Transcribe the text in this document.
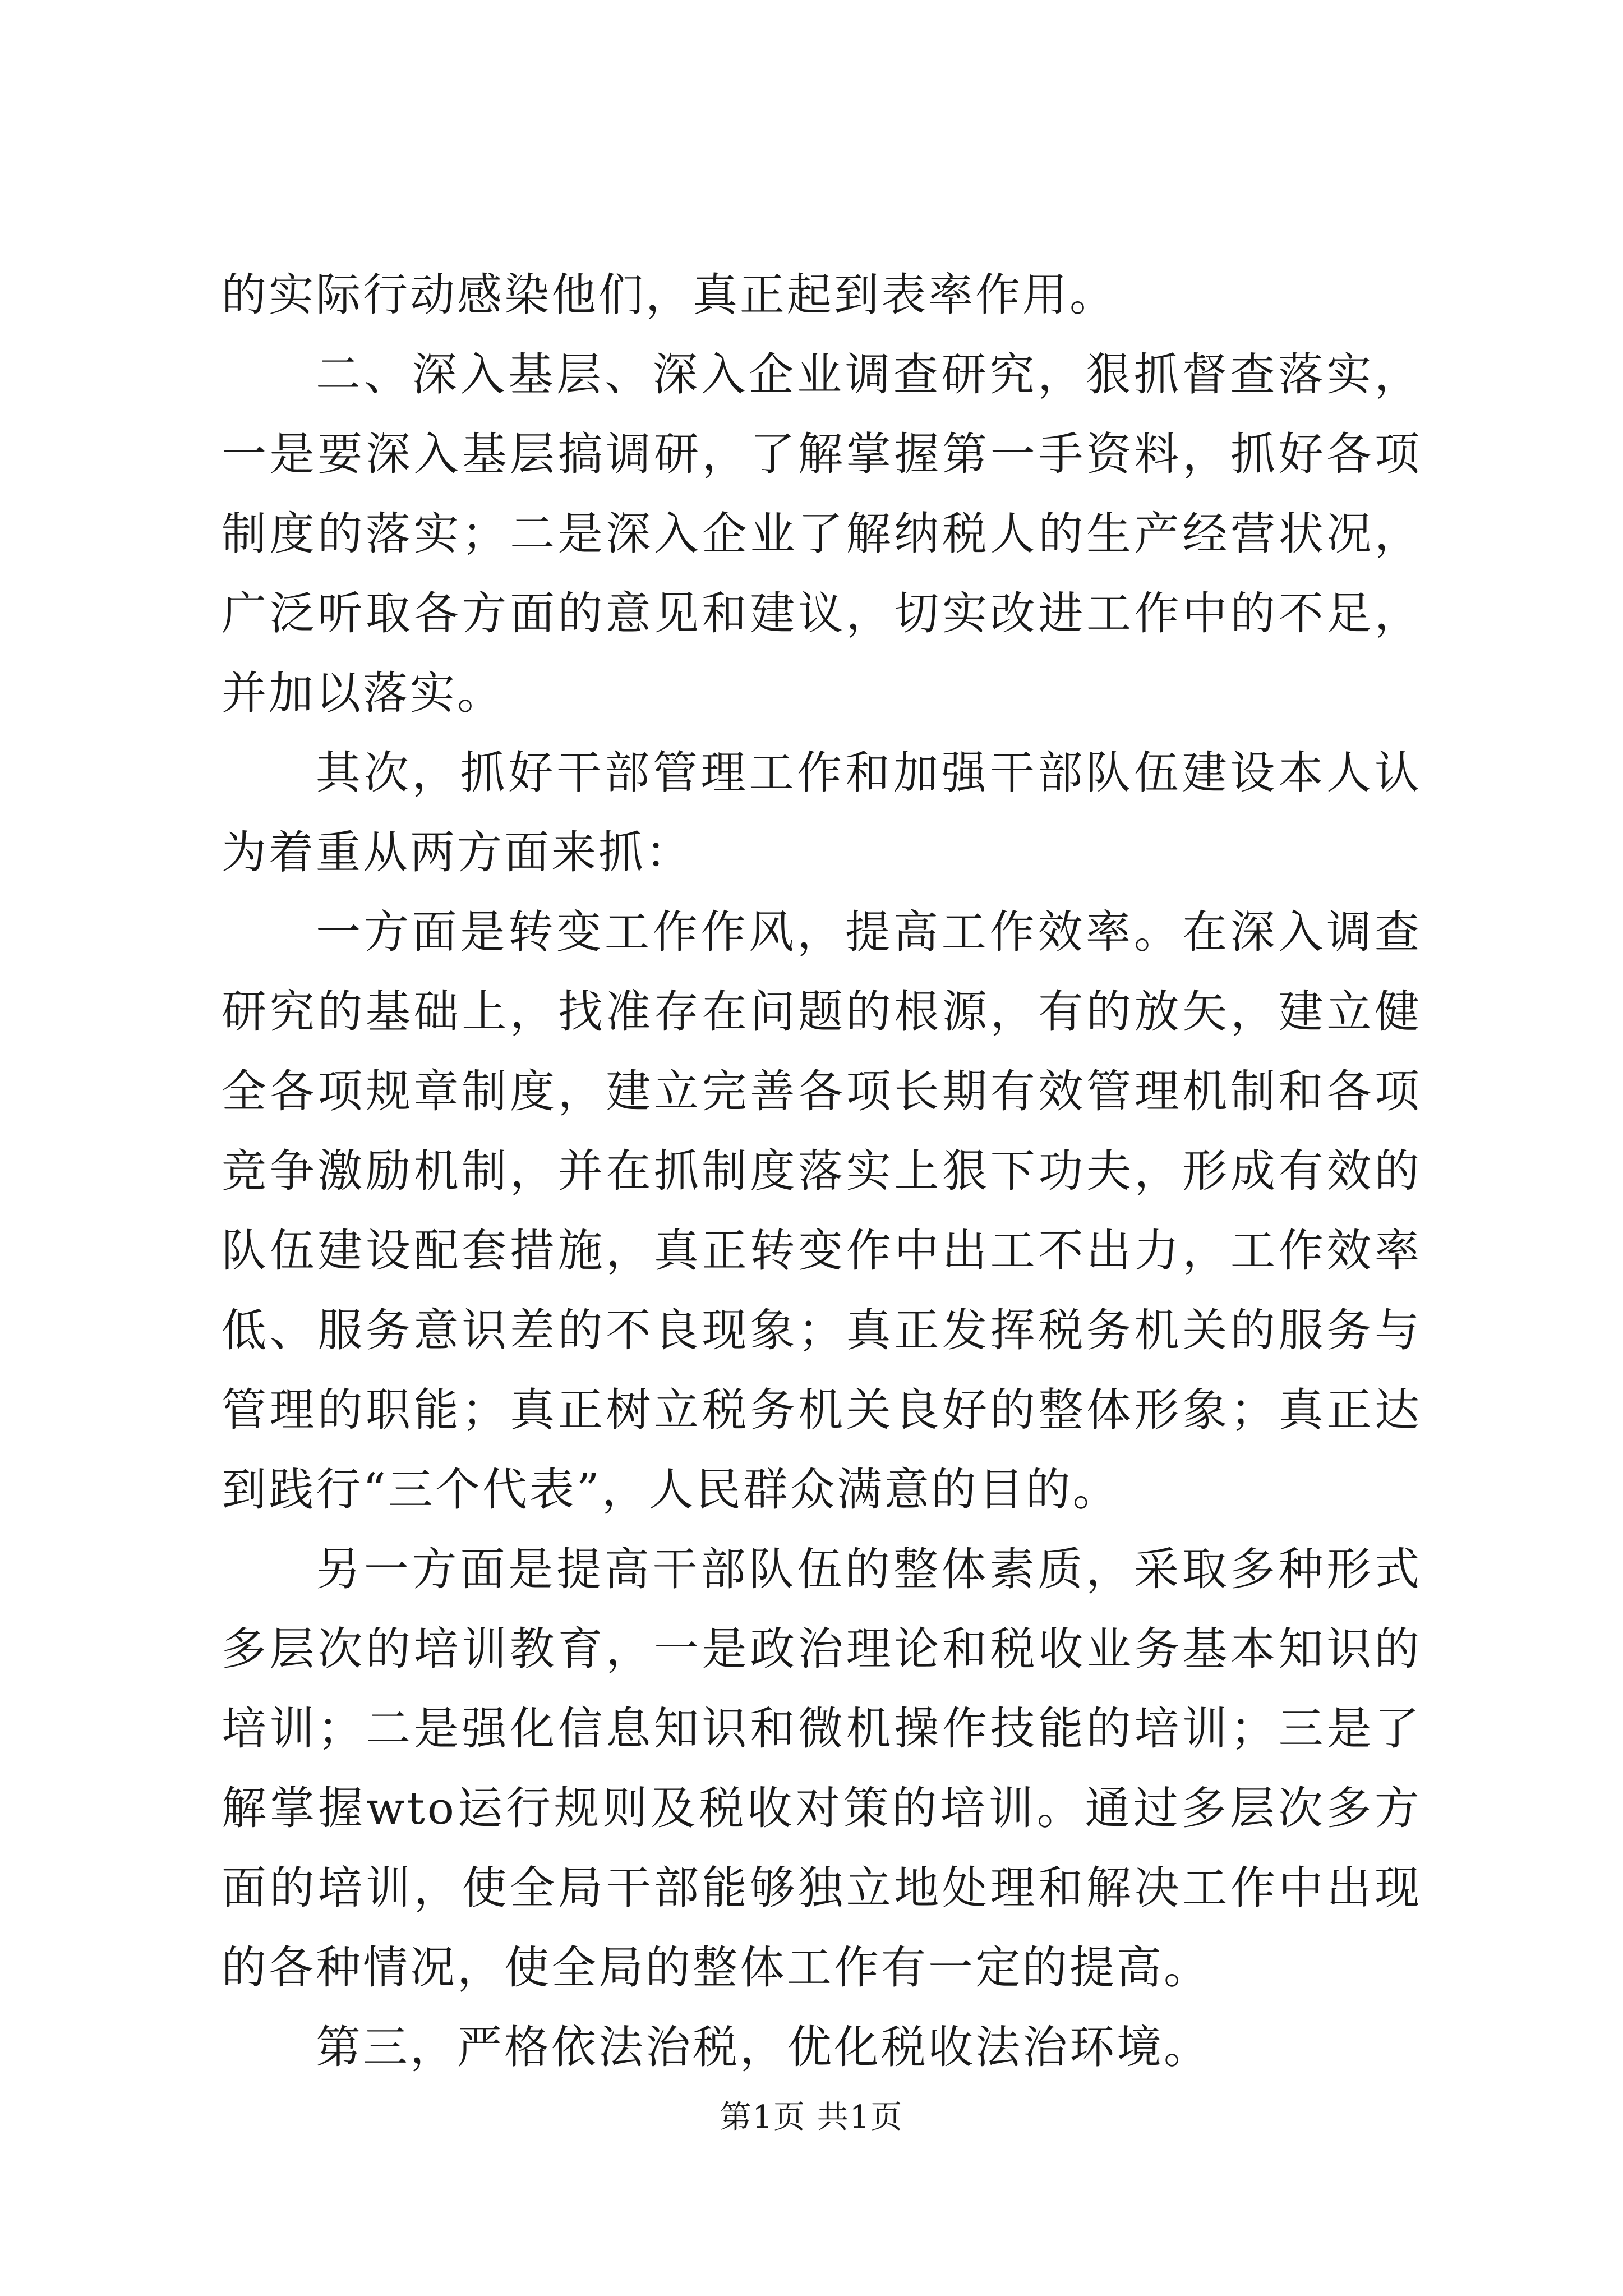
的实际行动感染他们，真正起到表率作用。

二、深入基层、深入企业调查研究，狠抓督查落实，一是要深入基层搞调研，了解掌握第一手资料，抓好各项制度的落实；二是深入企业了解纳税人的生产经营状况，广泛听取各方面的意见和建议，切实改进工作中的不足，并加以落实。

其次，抓好干部管理工作和加强干部队伍建设本人认为着重从两方面来抓：

一方面是转变工作作风，提高工作效率。在深入调查研究的基础上，找准存在问题的根源，有的放矢，建立健全各项规章制度，建立完善各项长期有效管理机制和各项竞争激励机制，并在抓制度落实上狠下功夫，形成有效的队伍建设配套措施，真正转变作中出工不出力，工作效率低、服务意识差的不良现象；真正发挥税务机关的服务与管理的职能；真正树立税务机关良好的整体形象；真正达到践行“三个代表”，人民群众满意的目的。

另一方面是提高干部队伍的整体素质，采取多种形式多层次的培训教育，一是政治理论和税收业务基本知识的培训；二是强化信息知识和微机操作技能的培训；三是了解掌握wto运行规则及税收对策的培训。通过多层次多方面的培训，使全局干部能够独立地处理和解决工作中出现的各种情况，使全局的整体工作有一定的提高。

第三，严格依法治税，优化税收法治环境。

第1页 共1页
